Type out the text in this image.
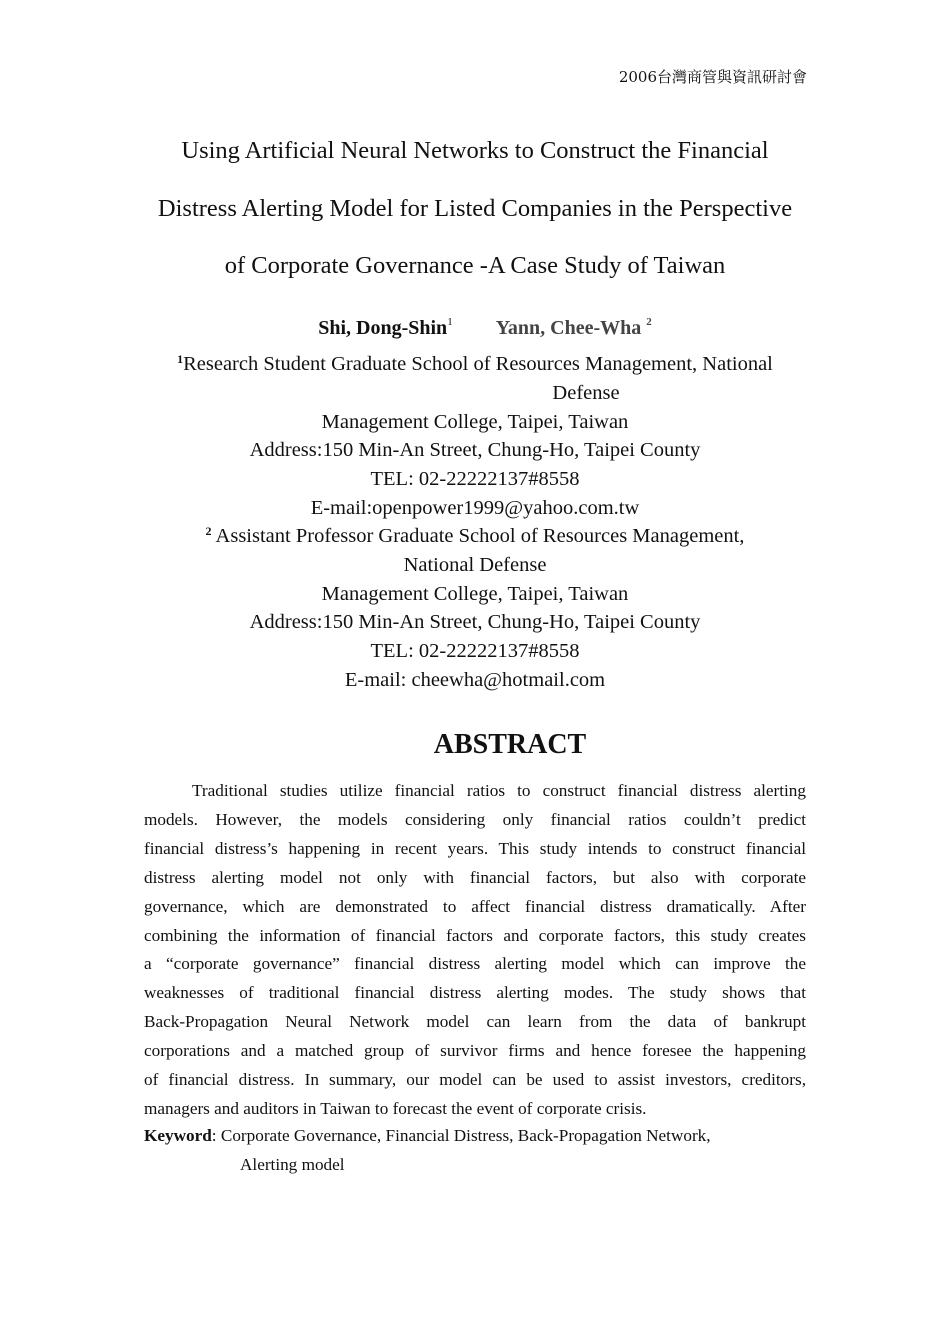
2006台灣商管與資訊研討會
Using Artificial Neural Networks to Construct the Financial
Distress Alerting Model for Listed Companies in the Perspective
of Corporate Governance -A Case Study of Taiwan
Shi, Dong-Shin$^1$ Yann, Chee-Wha $^2$
$^1$Research Student Graduate School of Resources Management, National
Defense
Management College, Taipei, Taiwan
Address:150 Min-An Street, Chung-Ho, Taipei County
TEL: 02-22222137#8558
E-mail:openpower1999@yahoo.com.tw
$^2$ Assistant Professor Graduate School of Resources Management,
National Defense
Management College, Taipei, Taiwan
Address:150 Min-An Street, Chung-Ho, Taipei County
TEL: 02-22222137#8558
E-mail: cheewha@hotmail.com
ABSTRACT
Traditional studies utilize financial ratios to construct financial distress alerting
models. However, the models considering only financial ratios couldn’t predict
financial distress’s happening in recent years. This study intends to construct financial
distress alerting model not only with financial factors, but also with corporate
governance, which are demonstrated to affect financial distress dramatically. After
combining the information of financial factors and corporate factors, this study creates
a “corporate governance” financial distress alerting model which can improve the
weaknesses of traditional financial distress alerting modes. The study shows that
Back-Propagation Neural Network model can learn from the data of bankrupt
corporations and a matched group of survivor firms and hence foresee the happening
of financial distress. In summary, our model can be used to assist investors, creditors,
managers and auditors in Taiwan to forecast the event of corporate crisis.
Keyword: Corporate Governance, Financial Distress, Back-Propagation Network,
Alerting model
